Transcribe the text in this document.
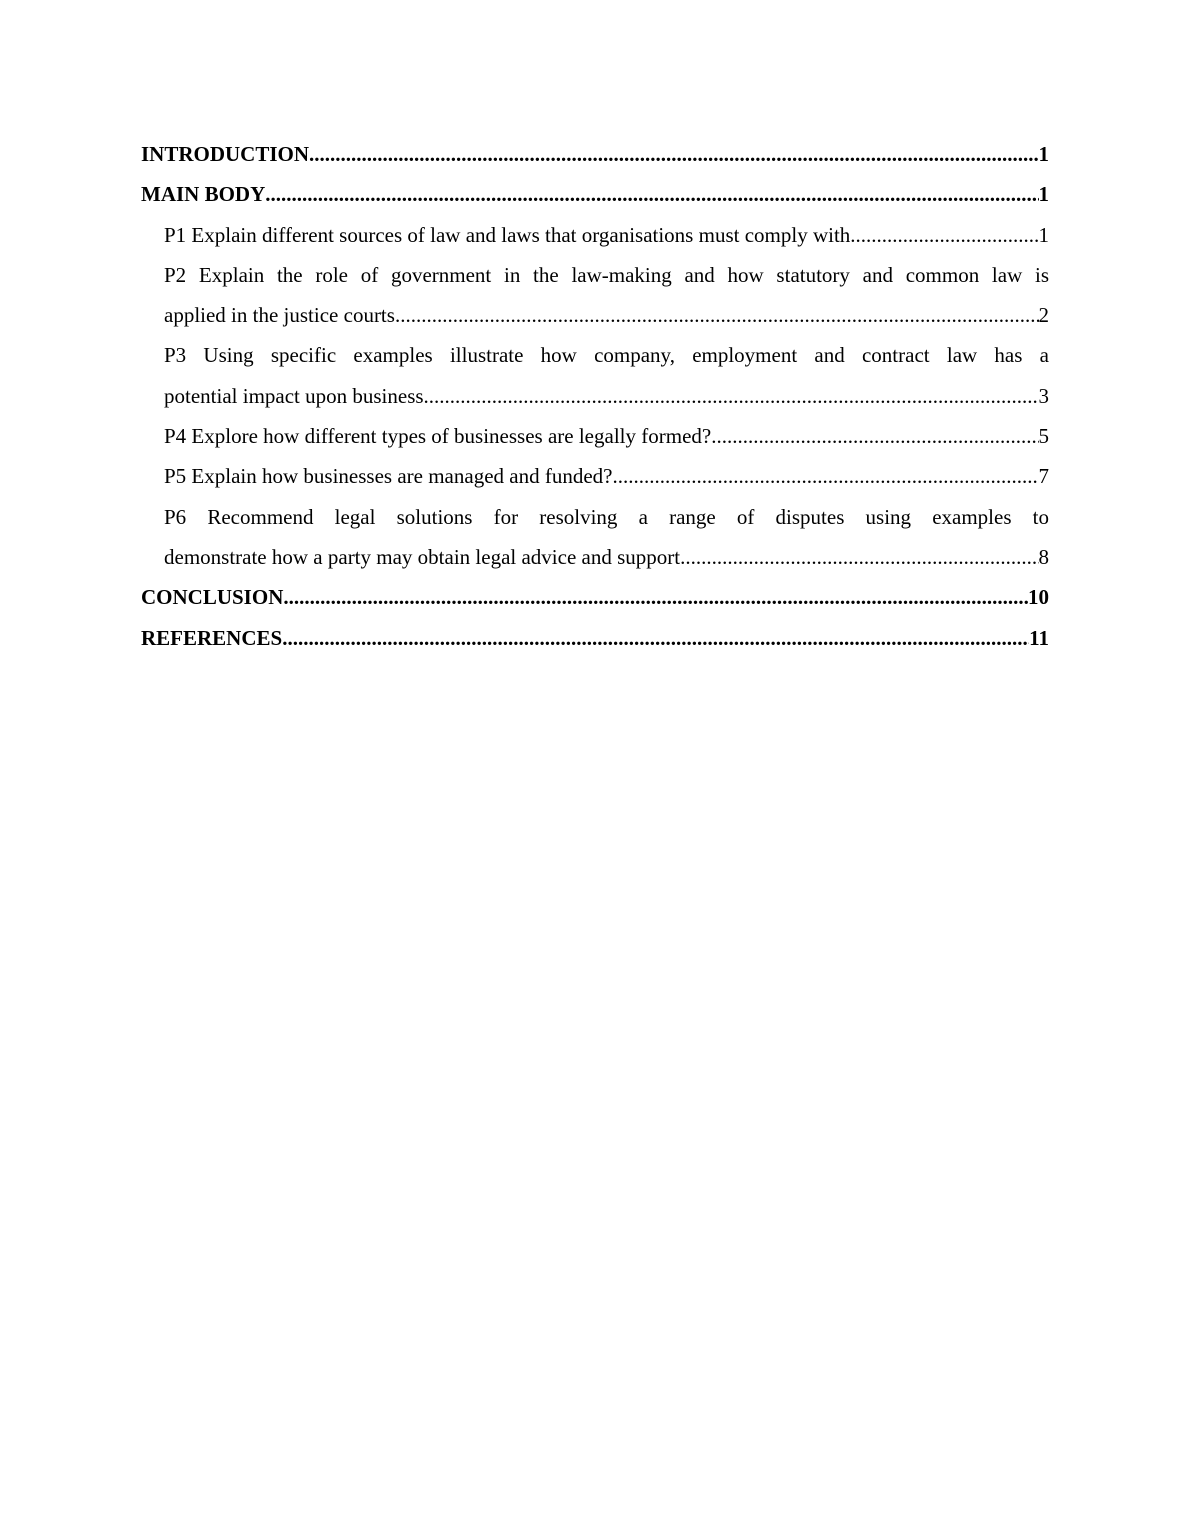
INTRODUCTION .....	1
MAIN BODY .....	1
P1 Explain different sources of law and laws that organisations must comply with. .....	1
P2 Explain the role of government in the law-making and how statutory and common law is
applied in the justice courts .....	2
P3 Using specific examples illustrate how company, employment and contract law has a
potential impact upon business .....	3
P4 Explore how different types of businesses are legally formed? .....	5
P5 Explain how businesses are managed and funded? .....	7
P6 Recommend legal solutions for resolving a range of disputes using examples to
demonstrate how a party may obtain legal advice and support .....	8
CONCLUSION .....	10
REFERENCES .....	11
